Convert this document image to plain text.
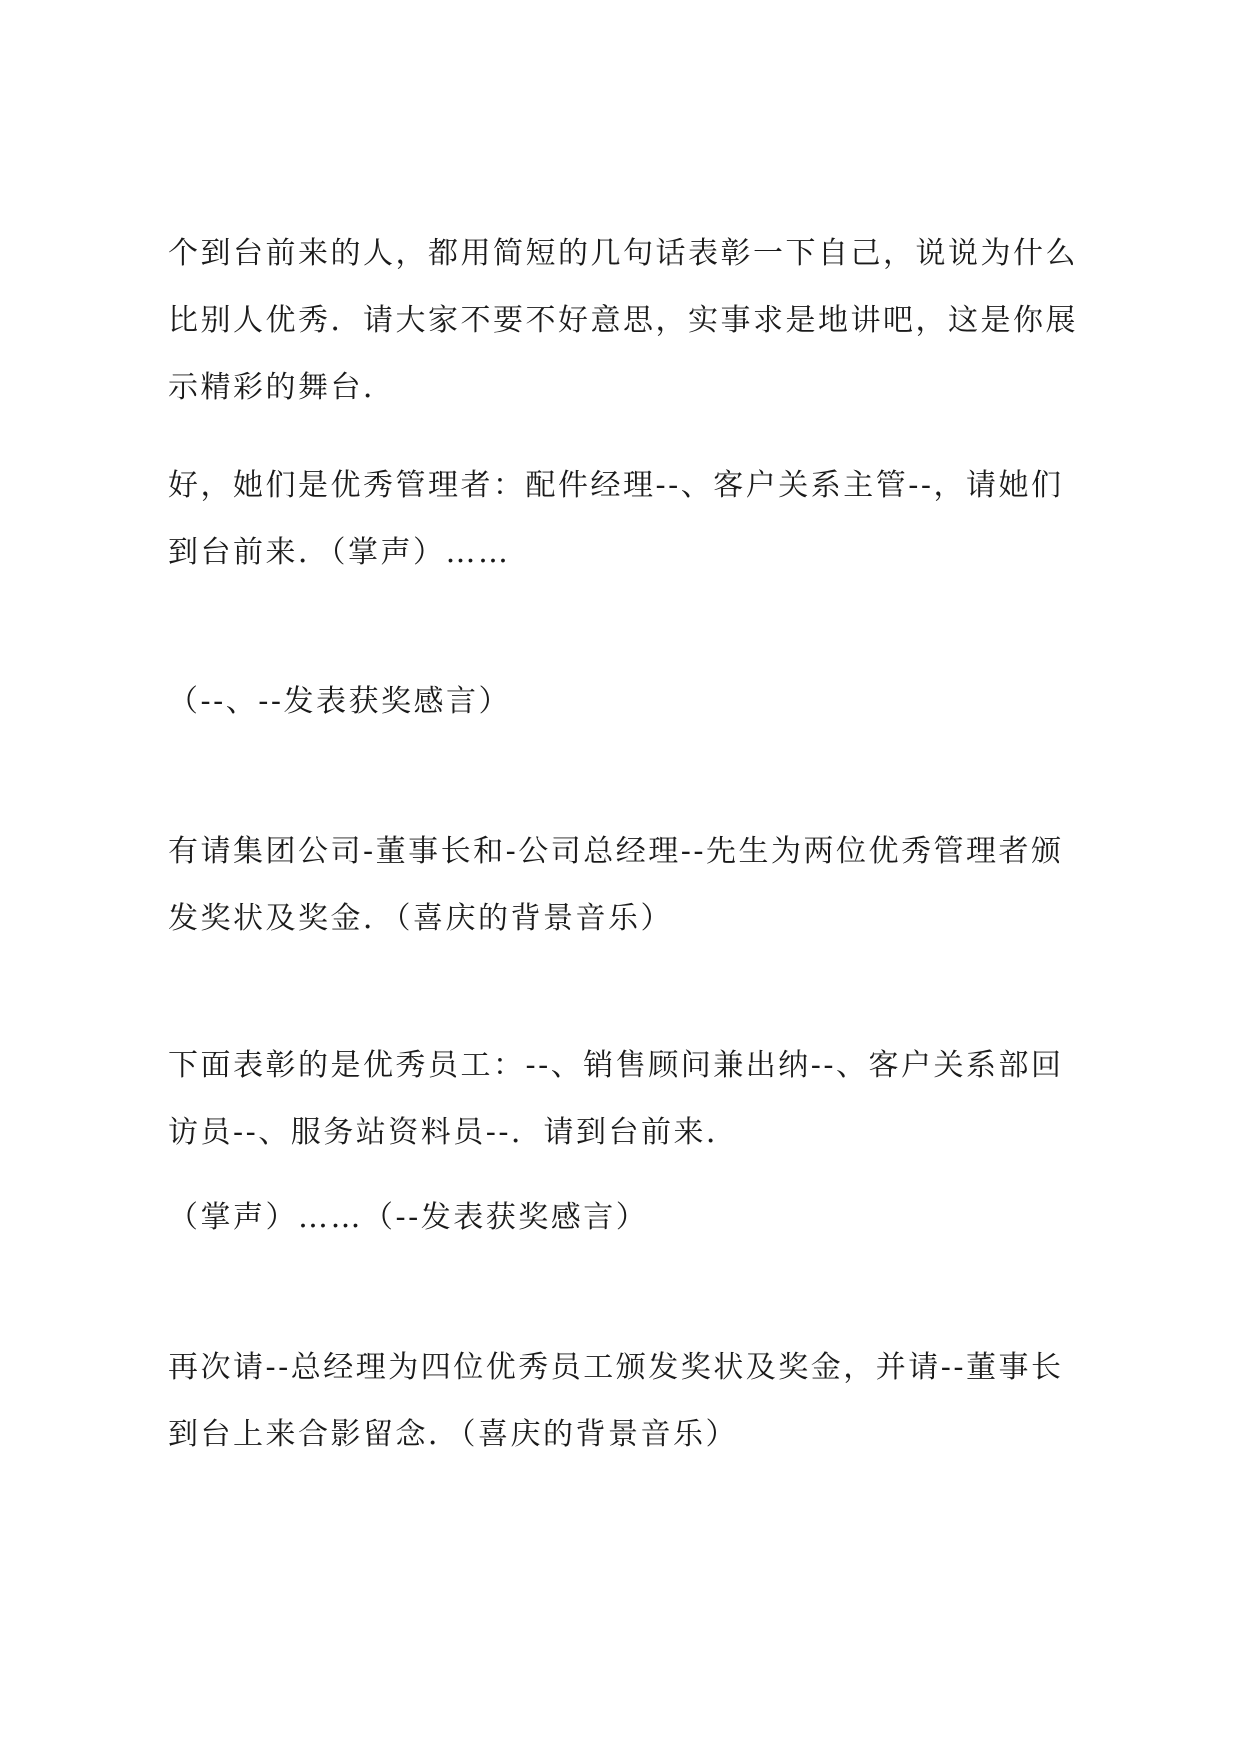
个到台前来的人，都用简短的几句话表彰一下自己，说说为什么
比别人优秀．请大家不要不好意思，实事求是地讲吧，这是你展
示精彩的舞台．

好，她们是优秀管理者：配件经理--、客户关系主管--，请她们
到台前来．（掌声）……

（--、--发表获奖感言）

有请集团公司-董事长和-公司总经理--先生为两位优秀管理者颁
发奖状及奖金．（喜庆的背景音乐）

下面表彰的是优秀员工：--、销售顾问兼出纳--、客户关系部回
访员--、服务站资料员--．请到台前来．

（掌声）……（--发表获奖感言）

再次请--总经理为四位优秀员工颁发奖状及奖金，并请--董事长
到台上来合影留念．（喜庆的背景音乐）
